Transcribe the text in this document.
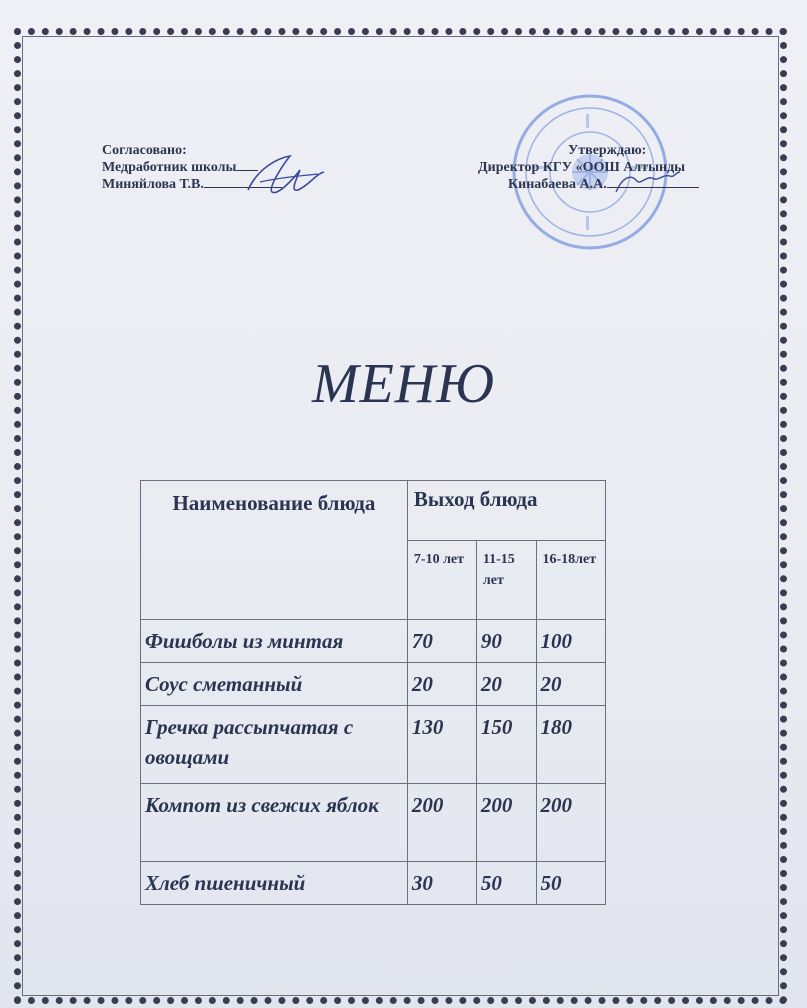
Согласовано:
Медработник школы
Миняйлова Т.В.
Утверждаю:
Директор КГУ «ООШ Алтынды
Кинабаева А.А.
МЕНЮ
Наименование блюда	Выход блюда		
	7-10 лет	11-15 лет	16-18лет
Фишболы из минтая	70	90	100
Соус сметанный	20	20	20
Гречка рассыпчатая с овощами	130	150	180
Компот из свежих яблок	200	200	200
Хлеб пшеничный	30	50	50
